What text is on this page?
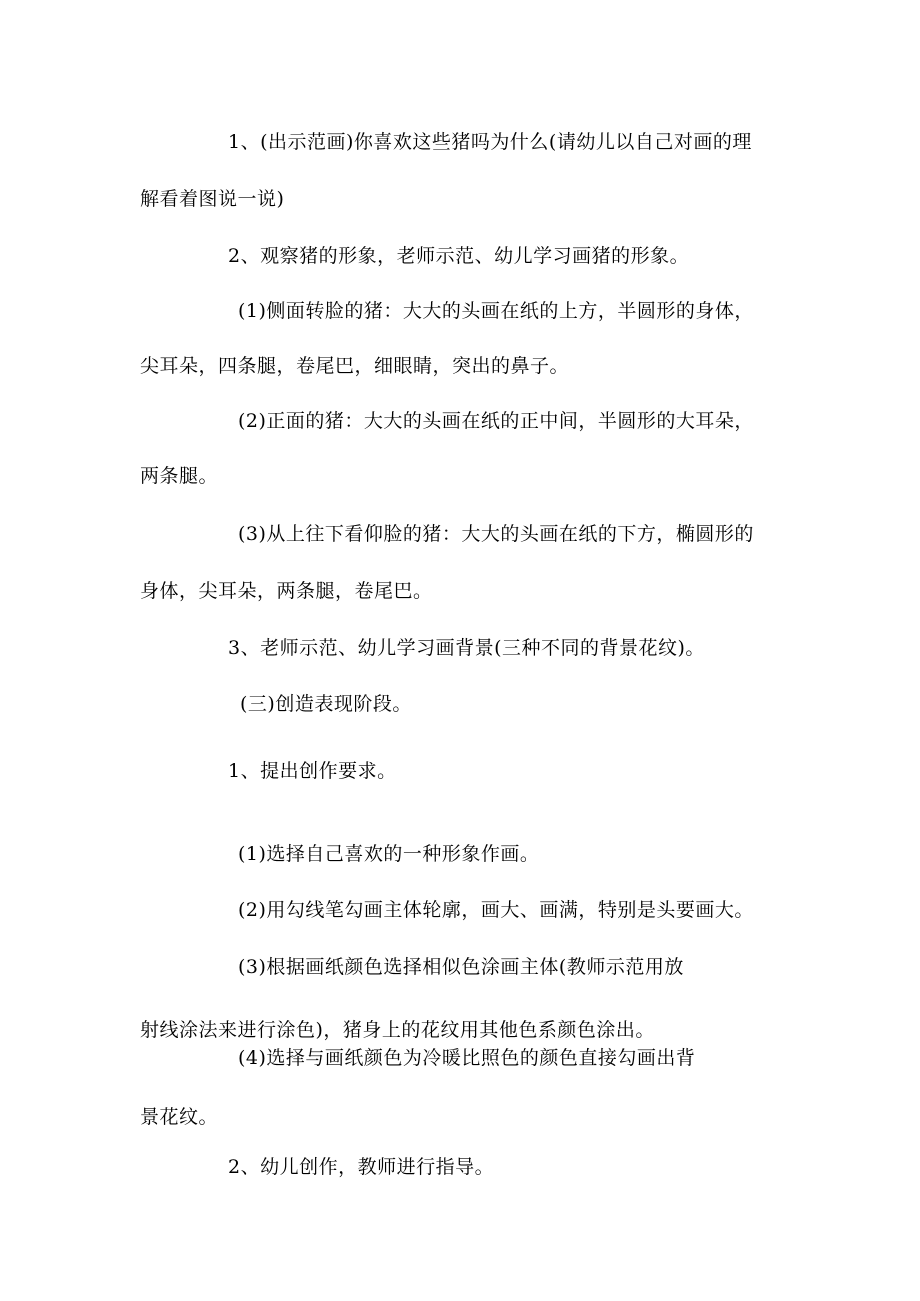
1、(出示范画)你喜欢这些猪吗为什么(请幼儿以自己对画的理
解看着图说一说)
2、观察猪的形象，老师示范、幼儿学习画猪的形象。
(1)侧面转脸的猪：大大的头画在纸的上方，半圆形的身体，
尖耳朵，四条腿，卷尾巴，细眼睛，突出的鼻子。
(2)正面的猪：大大的头画在纸的正中间，半圆形的大耳朵，
两条腿。
(3)从上往下看仰脸的猪：大大的头画在纸的下方，椭圆形的
身体，尖耳朵，两条腿，卷尾巴。
3、老师示范、幼儿学习画背景(三种不同的背景花纹)。
(三)创造表现阶段。
1、提出创作要求。
(1)选择自己喜欢的一种形象作画。
(2)用勾线笔勾画主体轮廓，画大、画满，特别是头要画大。
(3)根据画纸颜色选择相似色涂画主体(教师示范用放
射线涂法来进行涂色)，猪身上的花纹用其他色系颜色涂出。
(4)选择与画纸颜色为冷暖比照色的颜色直接勾画出背
景花纹。
2、幼儿创作，教师进行指导。
